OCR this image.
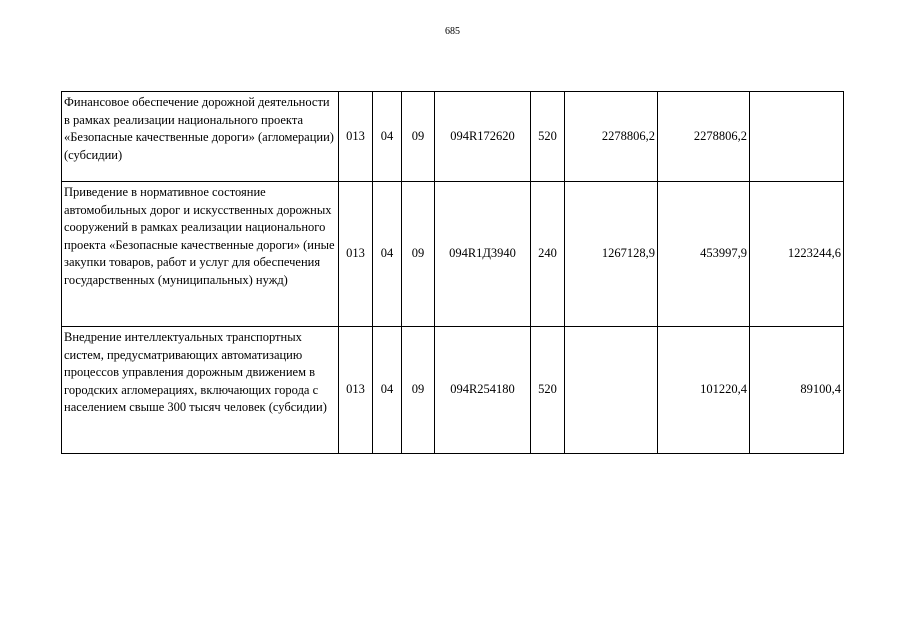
685
Финансовое обеспечение дорожной деятельности в рамках реализации национального проекта «Безопасные качественные дороги» (агломерации) (субсидии)	013	04	09	094R172620	520	2278806,2	2278806,2	
Приведение в нормативное состояние автомобильных дорог и искусственных дорожных сооружений в рамках реализации национального проекта «Безопасные качественные дороги» (иные закупки товаров, работ и услуг для обеспечения государственных (муниципальных) нужд)	013	04	09	094R1Д3940	240	1267128,9	453997,9	1223244,6
Внедрение интеллектуальных транспортных систем, предусматривающих автоматизацию процессов управления дорожным движением в городских агломерациях, включающих города с населением свыше 300 тысяч человек (субсидии)	013	04	09	094R254180	520		101220,4	89100,4
